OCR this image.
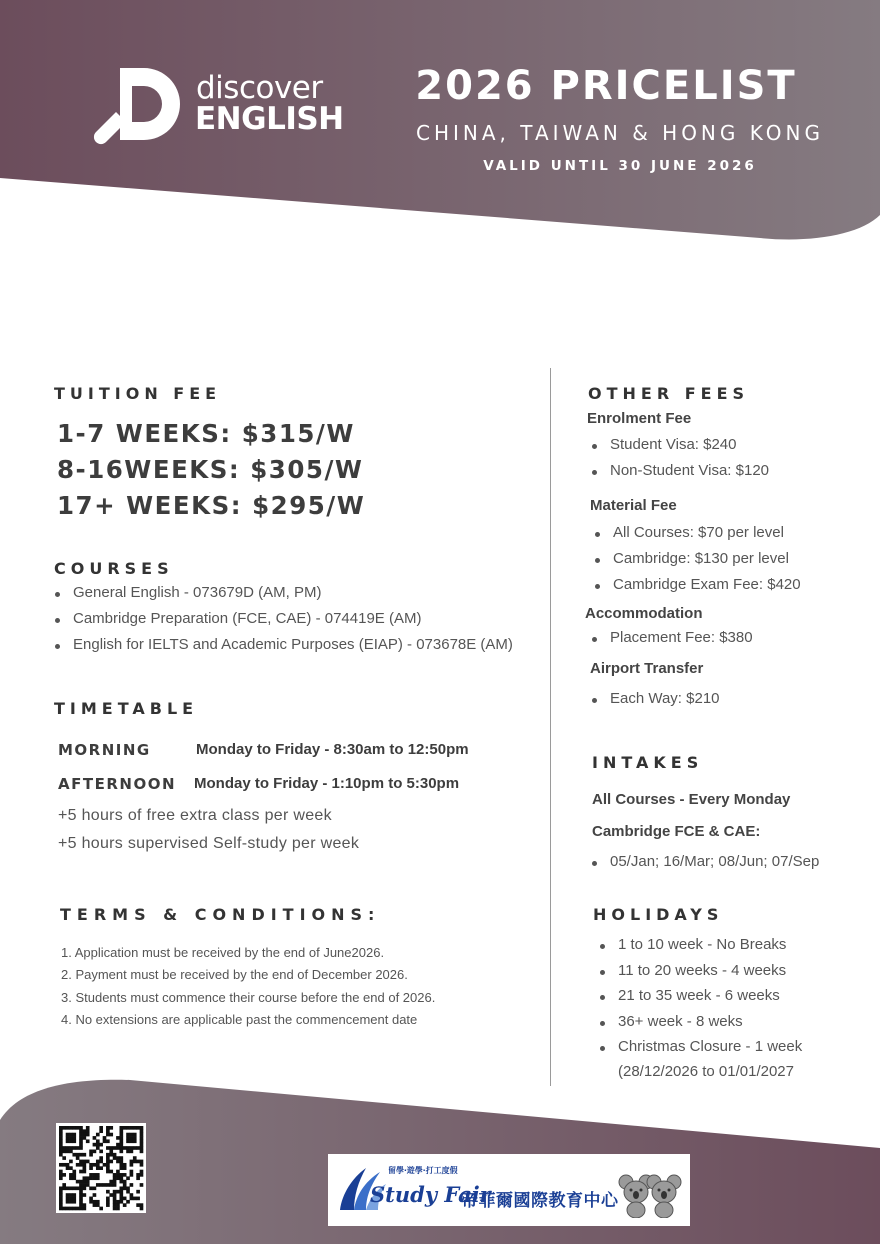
discover
ENGLISH
2026 PRICELIST
CHINA, TAIWAN & HONG KONG
VALID UNTIL 30 JUNE 2026
TUITION FEE
1-7 WEEKS: $315/W
8-16WEEKS: $305/W
17+ WEEKS: $295/W
COURSES
General English - 073679D (AM, PM)
Cambridge Preparation (FCE, CAE) - 074419E (AM)
English for IELTS and Academic Purposes (EIAP) - 073678E (AM)
TIMETABLE
MORNING	Monday to Friday - 8:30am to 12:50pm
AFTERNOON Monday to Friday - 1:10pm to 5:30pm
+5 hours of free extra class per week
+5 hours supervised Self-study per week
TERMS & CONDITIONS:
1. Application must be received by the end of June2026.
2. Payment must be received by the end of December 2026.
3. Students must commence their course before the end of 2026.
4. No extensions are applicable past the commencement date
OTHER FEES
Enrolment Fee
Student Visa: $240
Non-Student Visa: $120
Material Fee
All Courses: $70 per level
Cambridge: $130 per level
Cambridge Exam Fee: $420
Accommodation
Placement Fee: $380
Airport Transfer
Each Way: $210
INTAKES
All Courses - Every Monday
Cambridge FCE & CAE:
05/Jan; 16/Mar; 08/Jun; 07/Sep
HOLIDAYS
1 to 10 week - No Breaks
11 to 20 weeks - 4 weeks
21 to 35 week - 6 weeks
36+ week - 8 weks
Christmas Closure - 1 week
(28/12/2026 to 01/01/2027
留學‧遊學‧打工度假
Study Fair
帝菲爾國際教育中心
